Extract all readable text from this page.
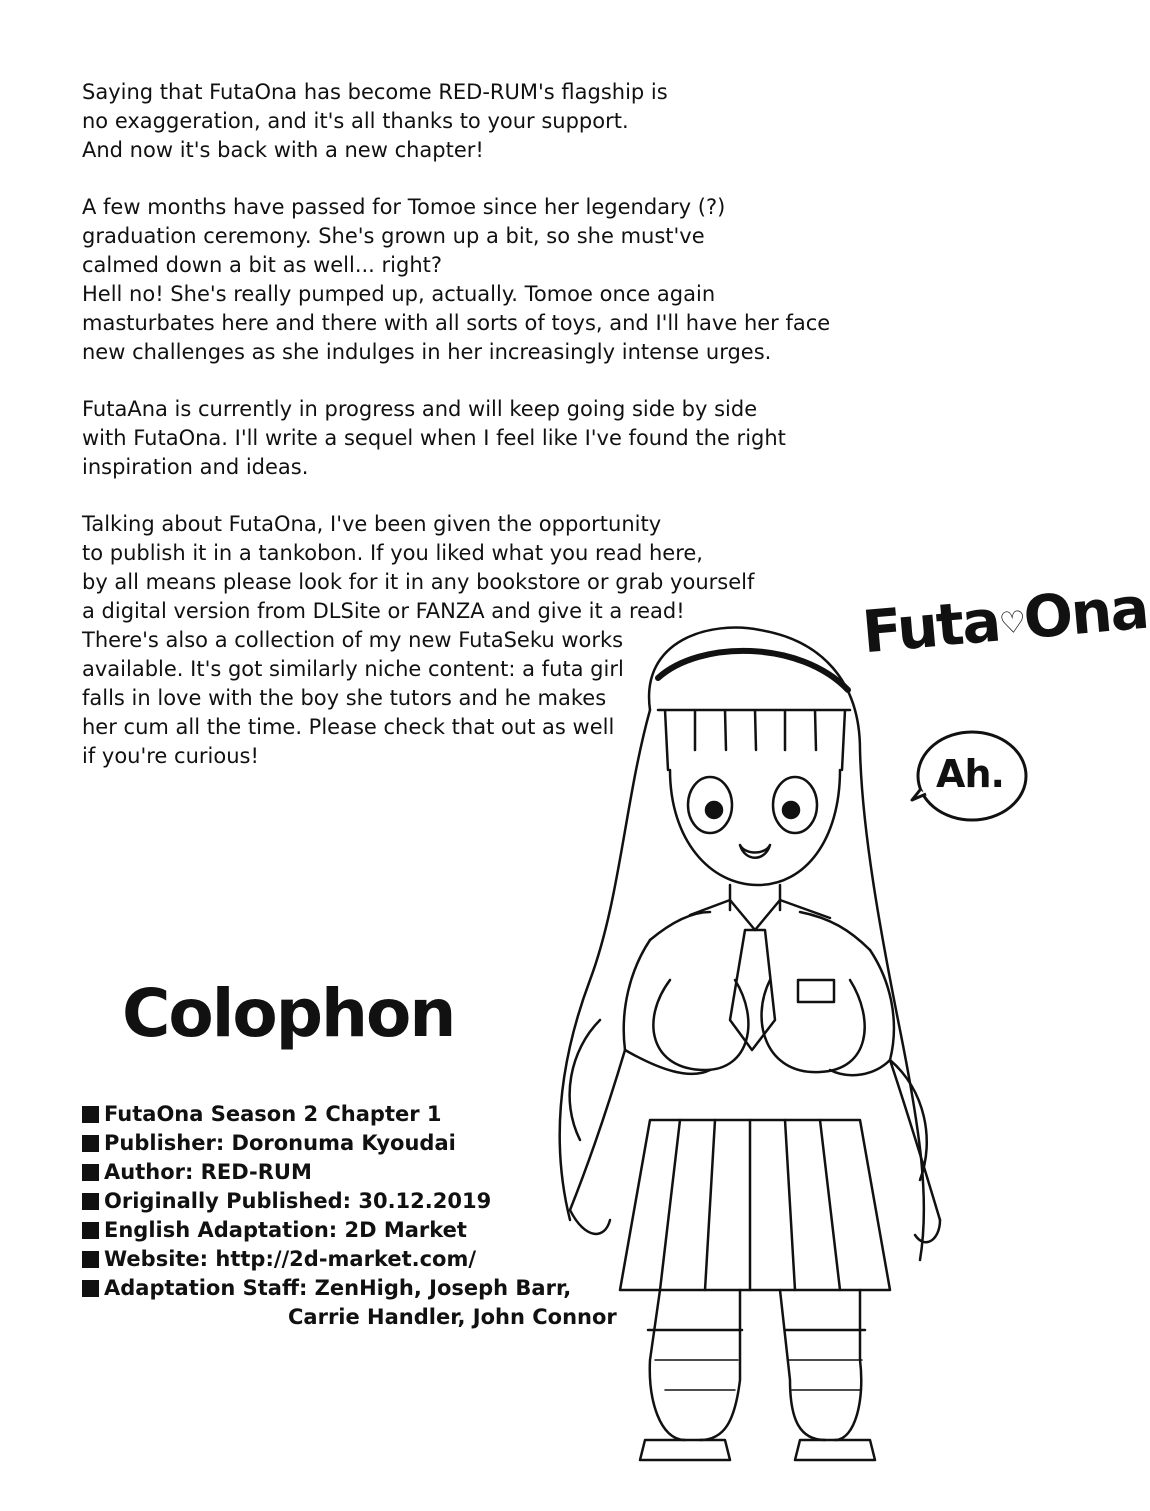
Saying that FutaOna has become RED-RUM's flagship is
no exaggeration, and it's all thanks to your support.
And now it's back with a new chapter!

A few months have passed for Tomoe since her legendary (?)
graduation ceremony. She's grown up a bit, so she must've
calmed down a bit as well... right?
Hell no! She's really pumped up, actually. Tomoe once again
masturbates here and there with all sorts of toys, and I'll have her face
new challenges as she indulges in her increasingly intense urges.

FutaAna is currently in progress and will keep going side by side
with FutaOna. I'll write a sequel when I feel like I've found the right
inspiration and ideas.

Talking about FutaOna, I've been given the opportunity
to publish it in a tankobon. If you liked what you read here,
by all means please look for it in any bookstore or grab yourself
a digital version from DLSite or FANZA and give it a read!
There's also a collection of my new FutaSeku works
available. It's got similarly niche content: a futa girl
falls in love with the boy she tutors and he makes
her cum all the time. Please check that out as well
if you're curious!

Futa♡Ona
Ah.
Colophon
FutaOna Season 2 Chapter 1
Publisher: Doronuma Kyoudai
Author: RED-RUM
Originally Published: 30.12.2019
English Adaptation: 2D Market
Website: http://2d-market.com/
Adaptation Staff: ZenHigh, Joseph Barr,
Carrie Handler, John Connor
